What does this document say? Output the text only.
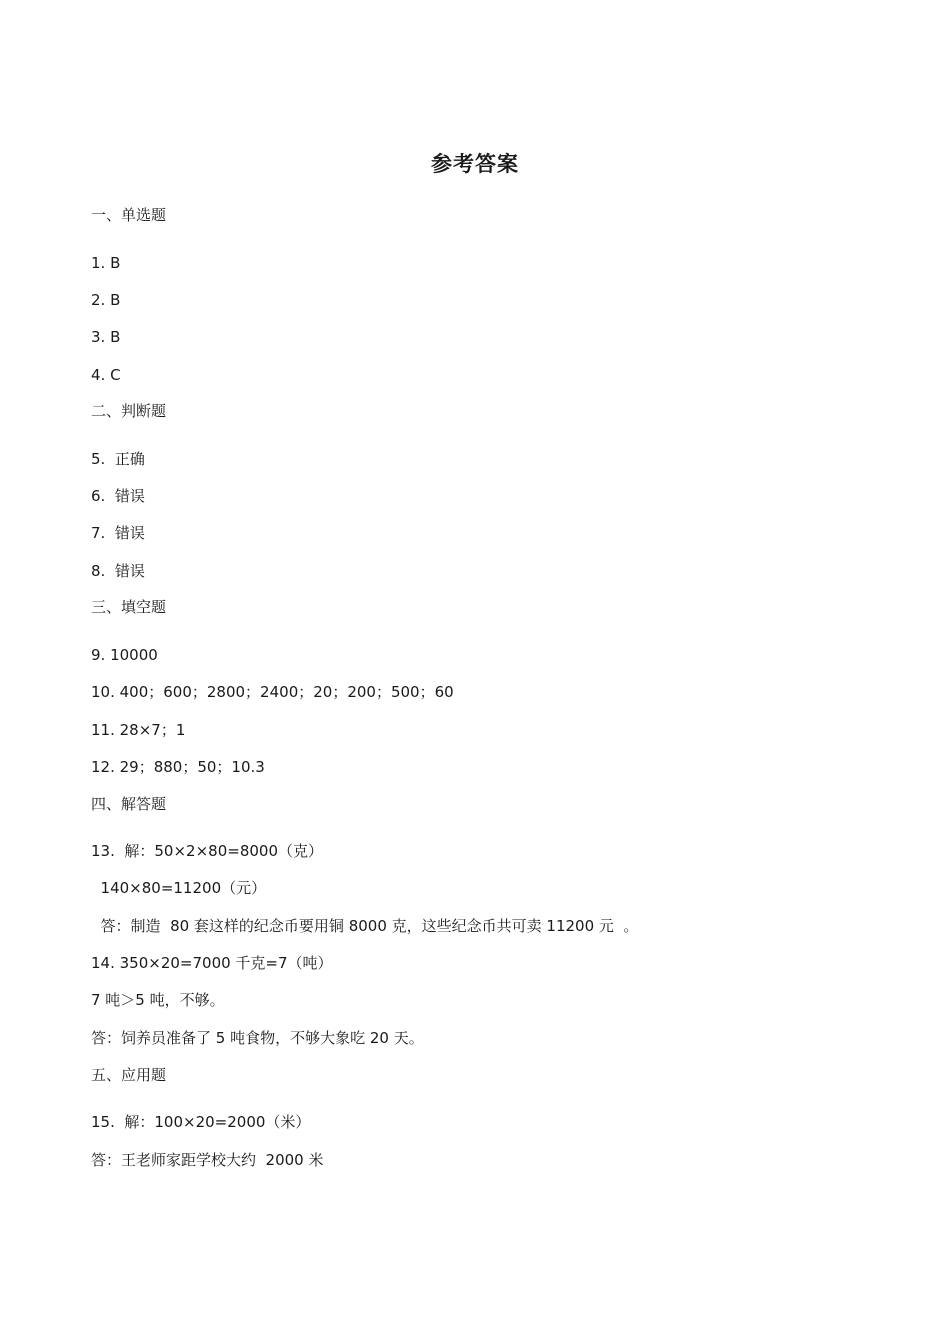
参考答案
一、单选题
1. B
2. B
3. B
4. C
二、判断题
5.  正确
6.  错误
7.  错误
8.  错误
三、填空题
9. 10000
10. 400；600；2800；2400；20；200；500；60
11. 28×7；1
12. 29；880；50；10.3
四、解答题
13.  解：50×2×80=8000（克）
140×80=11200（元）
答：制造  80 套这样的纪念币要用铜 8000 克，这些纪念币共可卖 11200 元  。
14. 350×20=7000 千克=7（吨）
7 吨＞5 吨，不够。
答：饲养员准备了 5 吨食物，不够大象吃 20 天。
五、应用题
15.  解：100×20=2000（米）
答：王老师家距学校大约  2000 米
